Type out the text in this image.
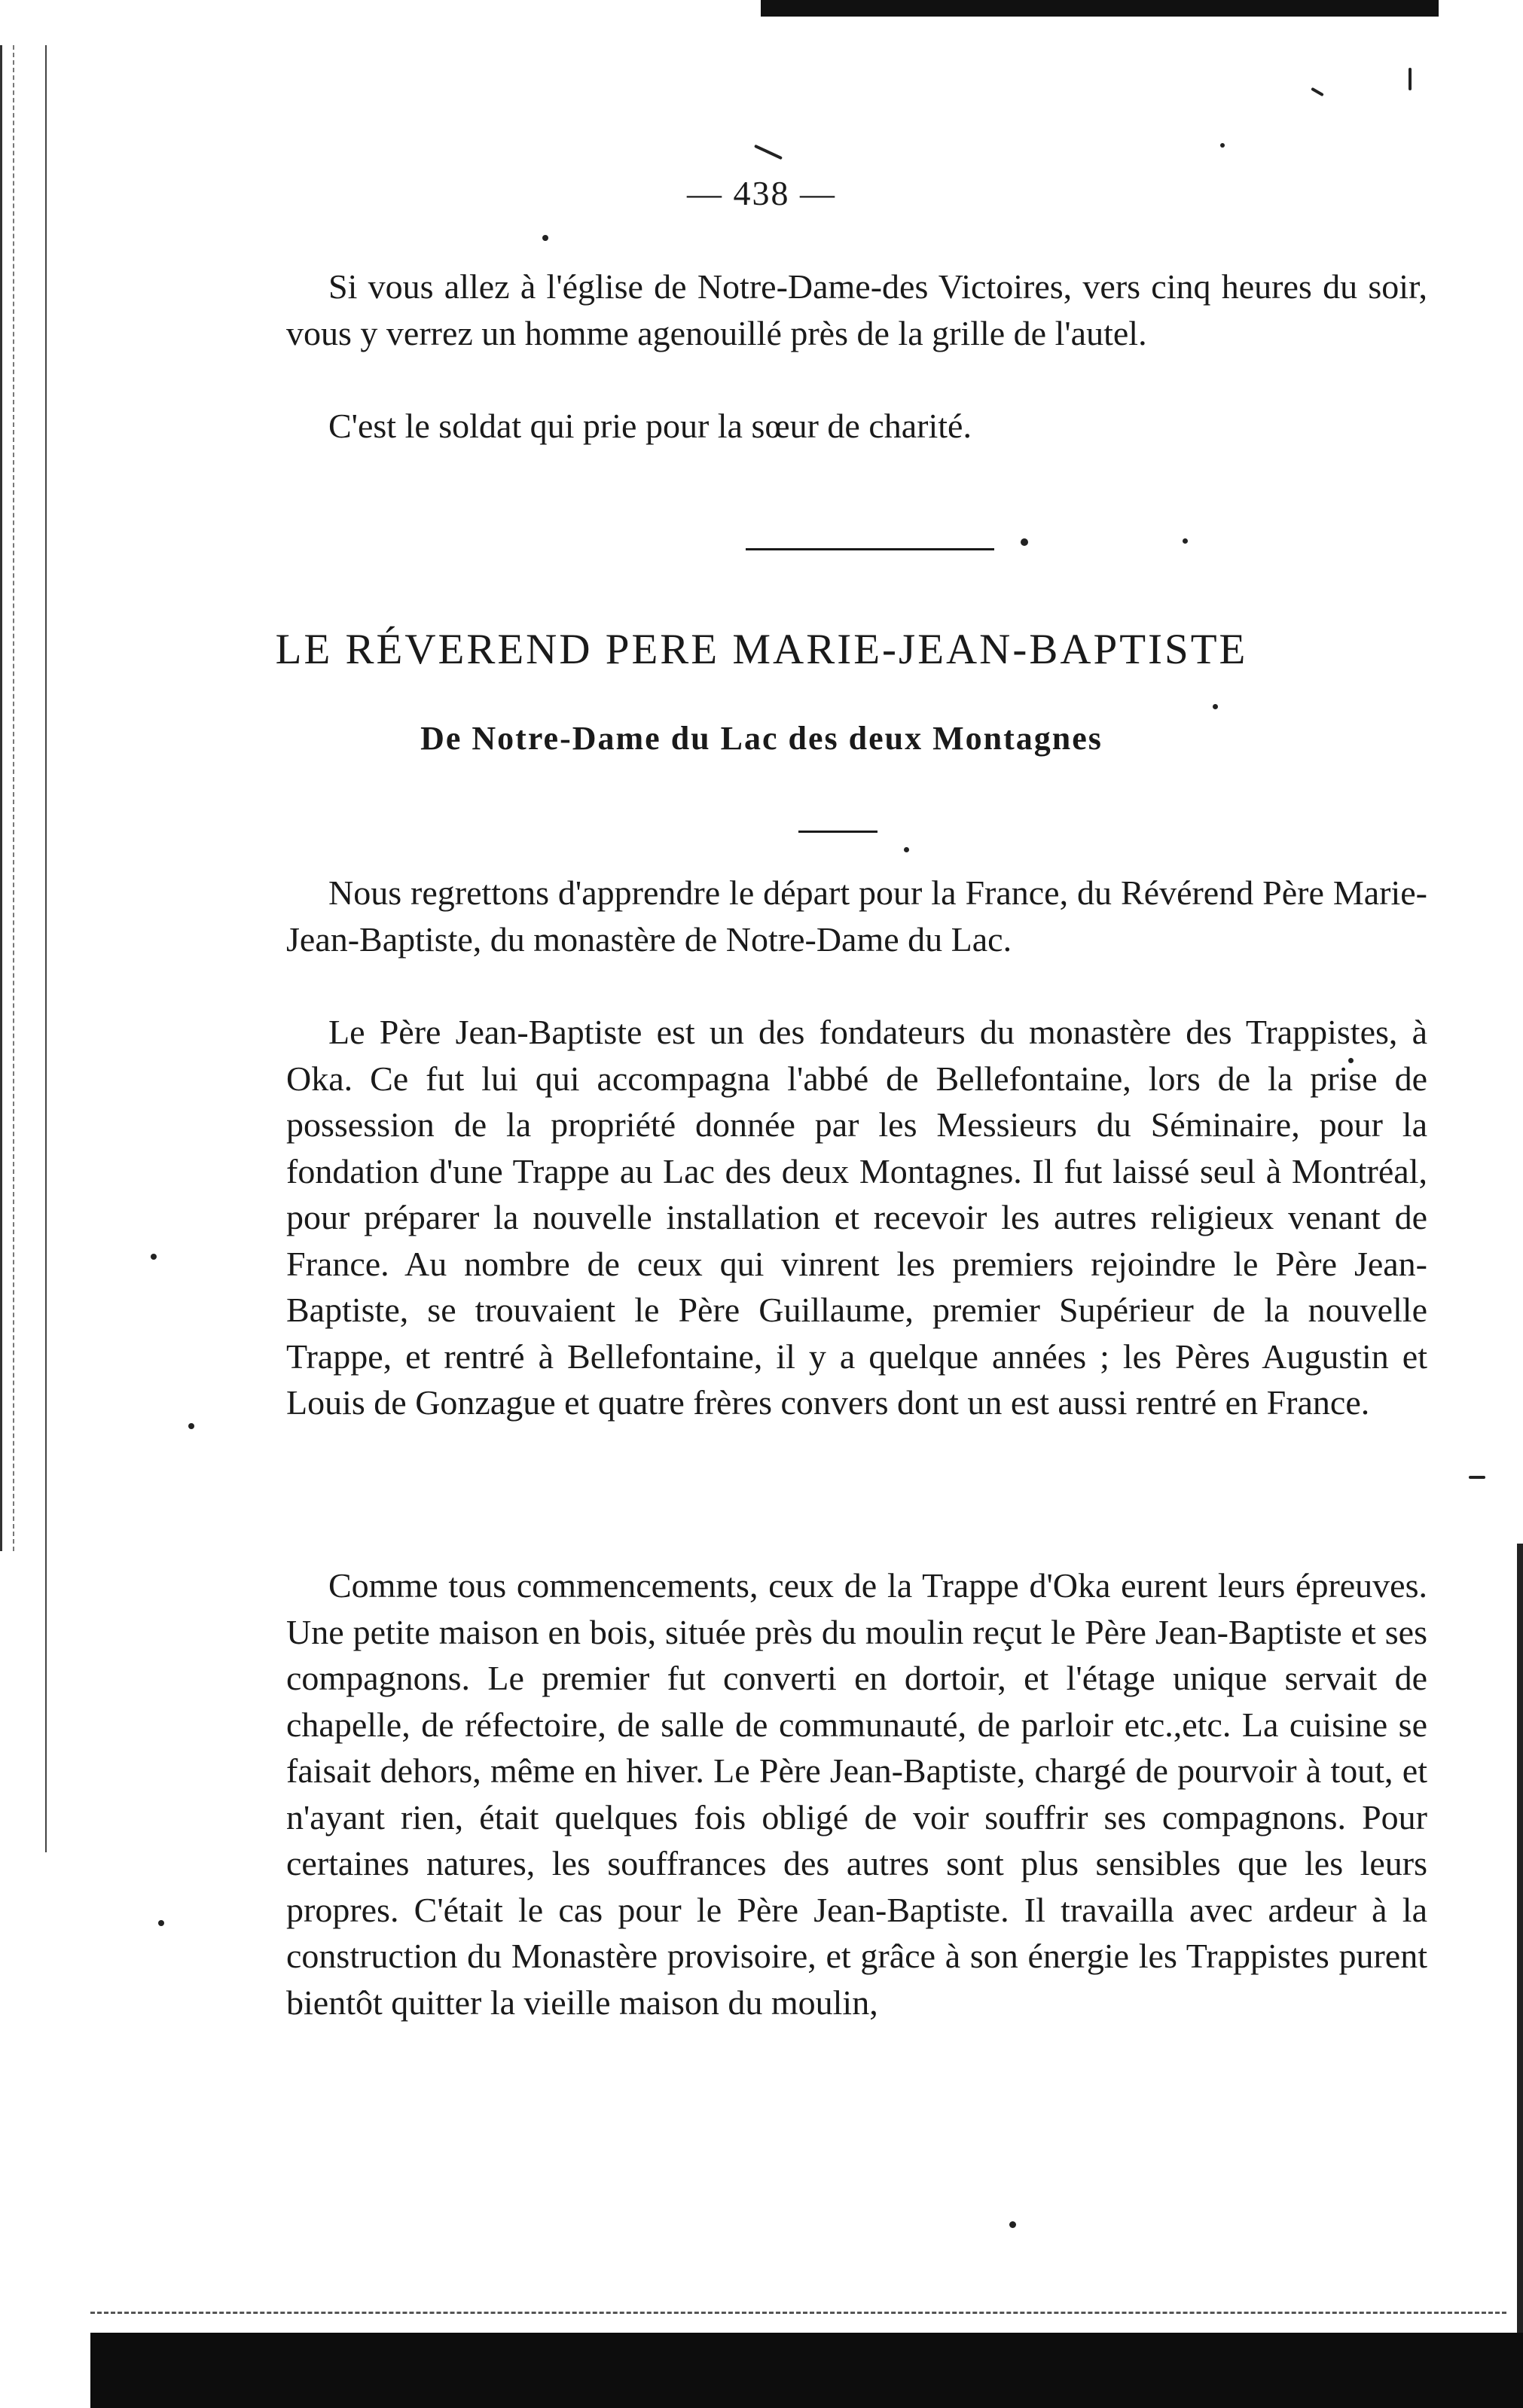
— 438 —

Si vous allez à l'église de Notre-Dame-des Victoires, vers cinq heures du soir, vous y verrez un homme agenouillé près de la grille de l'autel.

C'est le soldat qui prie pour la sœur de charité.

LE RÉVEREND PERE MARIE-JEAN-BAPTISTE
De Notre-Dame du Lac des deux Montagnes

Nous regrettons d'apprendre le départ pour la France, du Révérend Père Marie-Jean-Baptiste, du monastère de Notre-Dame du Lac.

Le Père Jean-Baptiste est un des fondateurs du monastère des Trappistes, à Oka. Ce fut lui qui accompagna l'abbé de Bellefontaine, lors de la prise de possession de la propriété donnée par les Messieurs du Séminaire, pour la fondation d'une Trappe au Lac des deux Montagnes. Il fut laissé seul à Montréal, pour préparer la nouvelle installation et recevoir les autres religieux venant de France. Au nombre de ceux qui vinrent les premiers rejoindre le Père Jean-Baptiste, se trouvaient le Père Guillaume, premier Supérieur de la nouvelle Trappe, et rentré à Bellefontaine, il y a quelque années ; les Pères Augustin et Louis de Gonzague et quatre frères convers dont un est aussi rentré en France.

Comme tous commencements, ceux de la Trappe d'Oka eurent leurs épreuves. Une petite maison en bois, située près du moulin reçut le Père Jean-Baptiste et ses compagnons. Le premier fut converti en dortoir, et l'étage unique servait de chapelle, de réfectoire, de salle de communauté, de parloir etc.,etc. La cuisine se faisait dehors, même en hiver. Le Père Jean-Baptiste, chargé de pourvoir à tout, et n'ayant rien, était quelques fois obligé de voir souffrir ses compagnons. Pour certaines natures, les souffrances des autres sont plus sensibles que les leurs propres. C'était le cas pour le Père Jean-Baptiste. Il travailla avec ardeur à la construction du Monastère provisoire, et grâce à son énergie les Trappistes purent bientôt quitter la vieille maison du moulin,
